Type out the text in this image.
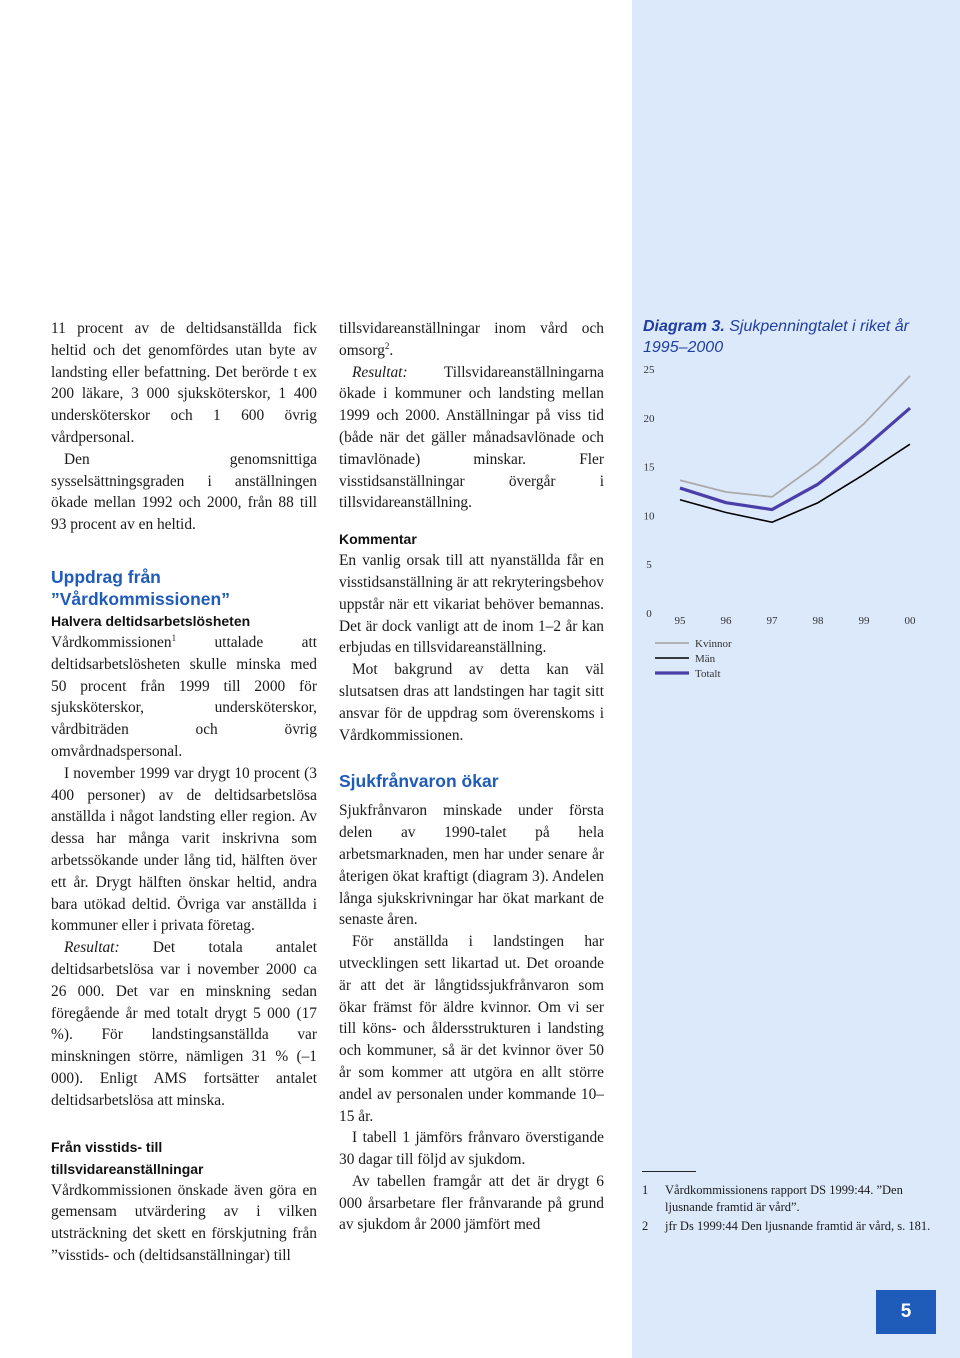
11 procent av de deltidsanställda fick heltid och det genomfördes utan byte av landsting eller befattning. Det berörde t ex 200 läkare, 3 000 sjuksköterskor, 1 400 undersköterskor och 1 600 övrig vårdpersonal.

Den genomsnittiga sysselsättningsgraden i anställningen ökade mellan 1992 och 2000, från 88 till 93 procent av en heltid.

Uppdrag från ”Vårdkommissionen”
Halvera deltidsarbetslösheten

Vårdkommissionen$^1$ uttalade att deltidsarbetslösheten skulle minska med 50 procent från 1999 till 2000 för sjuksköterskor, undersköterskor, vårdbiträden och övrig omvårdnadspersonal.

I november 1999 var drygt 10 procent (3 400 personer) av de deltidsarbetslösa anställda i något landsting eller region. Av dessa har många varit inskrivna som arbetssökande under lång tid, hälften över ett år. Drygt hälften önskar heltid, andra bara utökad deltid. Övriga var anställda i kommuner eller i privata företag.

Resultat: Det totala antalet deltidsarbetslösa var i november 2000 ca 26 000. Det var en minskning sedan föregående år med totalt drygt 5 000 (17 %). För landstingsanställda var minskningen större, nämligen 31 % (–1 000). Enligt AMS fortsätter antalet deltidsarbetslösa att minska.

Från visstids- till tillsvidareanställningar

Vårdkommissionen önskade även göra en gemensam utvärdering av i vilken utsträckning det skett en förskjutning från ”visstids- och (deltidsanställningar) till

tillsvidareanställningar inom vård och omsorg$^2$.

Resultat: Tillsvidareanställningarna ökade i kommuner och landsting mellan 1999 och 2000. Anställningar på viss tid (både när det gäller månadsavlönade och timavlönade) minskar. Fler visstidsanställningar övergår i tillsvidareanställning.

Kommentar

En vanlig orsak till att nyanställda får en visstidsanställning är att rekryteringsbehov uppstår när ett vikariat behöver bemannas. Det är dock vanligt att de inom 1–2 år kan erbjudas en tillsvidareanställning.

Mot bakgrund av detta kan väl slutsatsen dras att landstingen har tagit sitt ansvar för de uppdrag som överenskoms i Vårdkommissionen.

Sjukfrånvaron ökar

Sjukfrånvaron minskade under första delen av 1990-talet på hela arbetsmarknaden, men har under senare år återigen ökat kraftigt (diagram 3). Andelen långa sjukskrivningar har ökat markant de senaste åren.

För anställda i landstingen har utvecklingen sett likartad ut. Det oroande är att det är långtidssjukfrånvaron som ökar främst för äldre kvinnor. Om vi ser till köns- och åldersstrukturen i landsting och kommuner, så är det kvinnor över 50 år som kommer att utgöra en allt större andel av personalen under kommande 10–15 år.

I tabell 1 jämförs frånvaro överstigande 30 dagar till följd av sjukdom.

Av tabellen framgår att det är drygt 6 000 årsarbetare fler frånvarande på grund av sjukdom år 2000 jämfört med

Diagram 3. Sjukpenningtalet i riket år 1995–2000
0
5
10
15
20
25
95	96	97	98	99	00
Kvinnor
Män
Totalt
1 Vårdkommissionens rapport DS 1999:44. ”Den ljusnande framtid är vård”.
2 jfr Ds 1999:44 Den ljusnande framtid är vård, s. 181.
5
